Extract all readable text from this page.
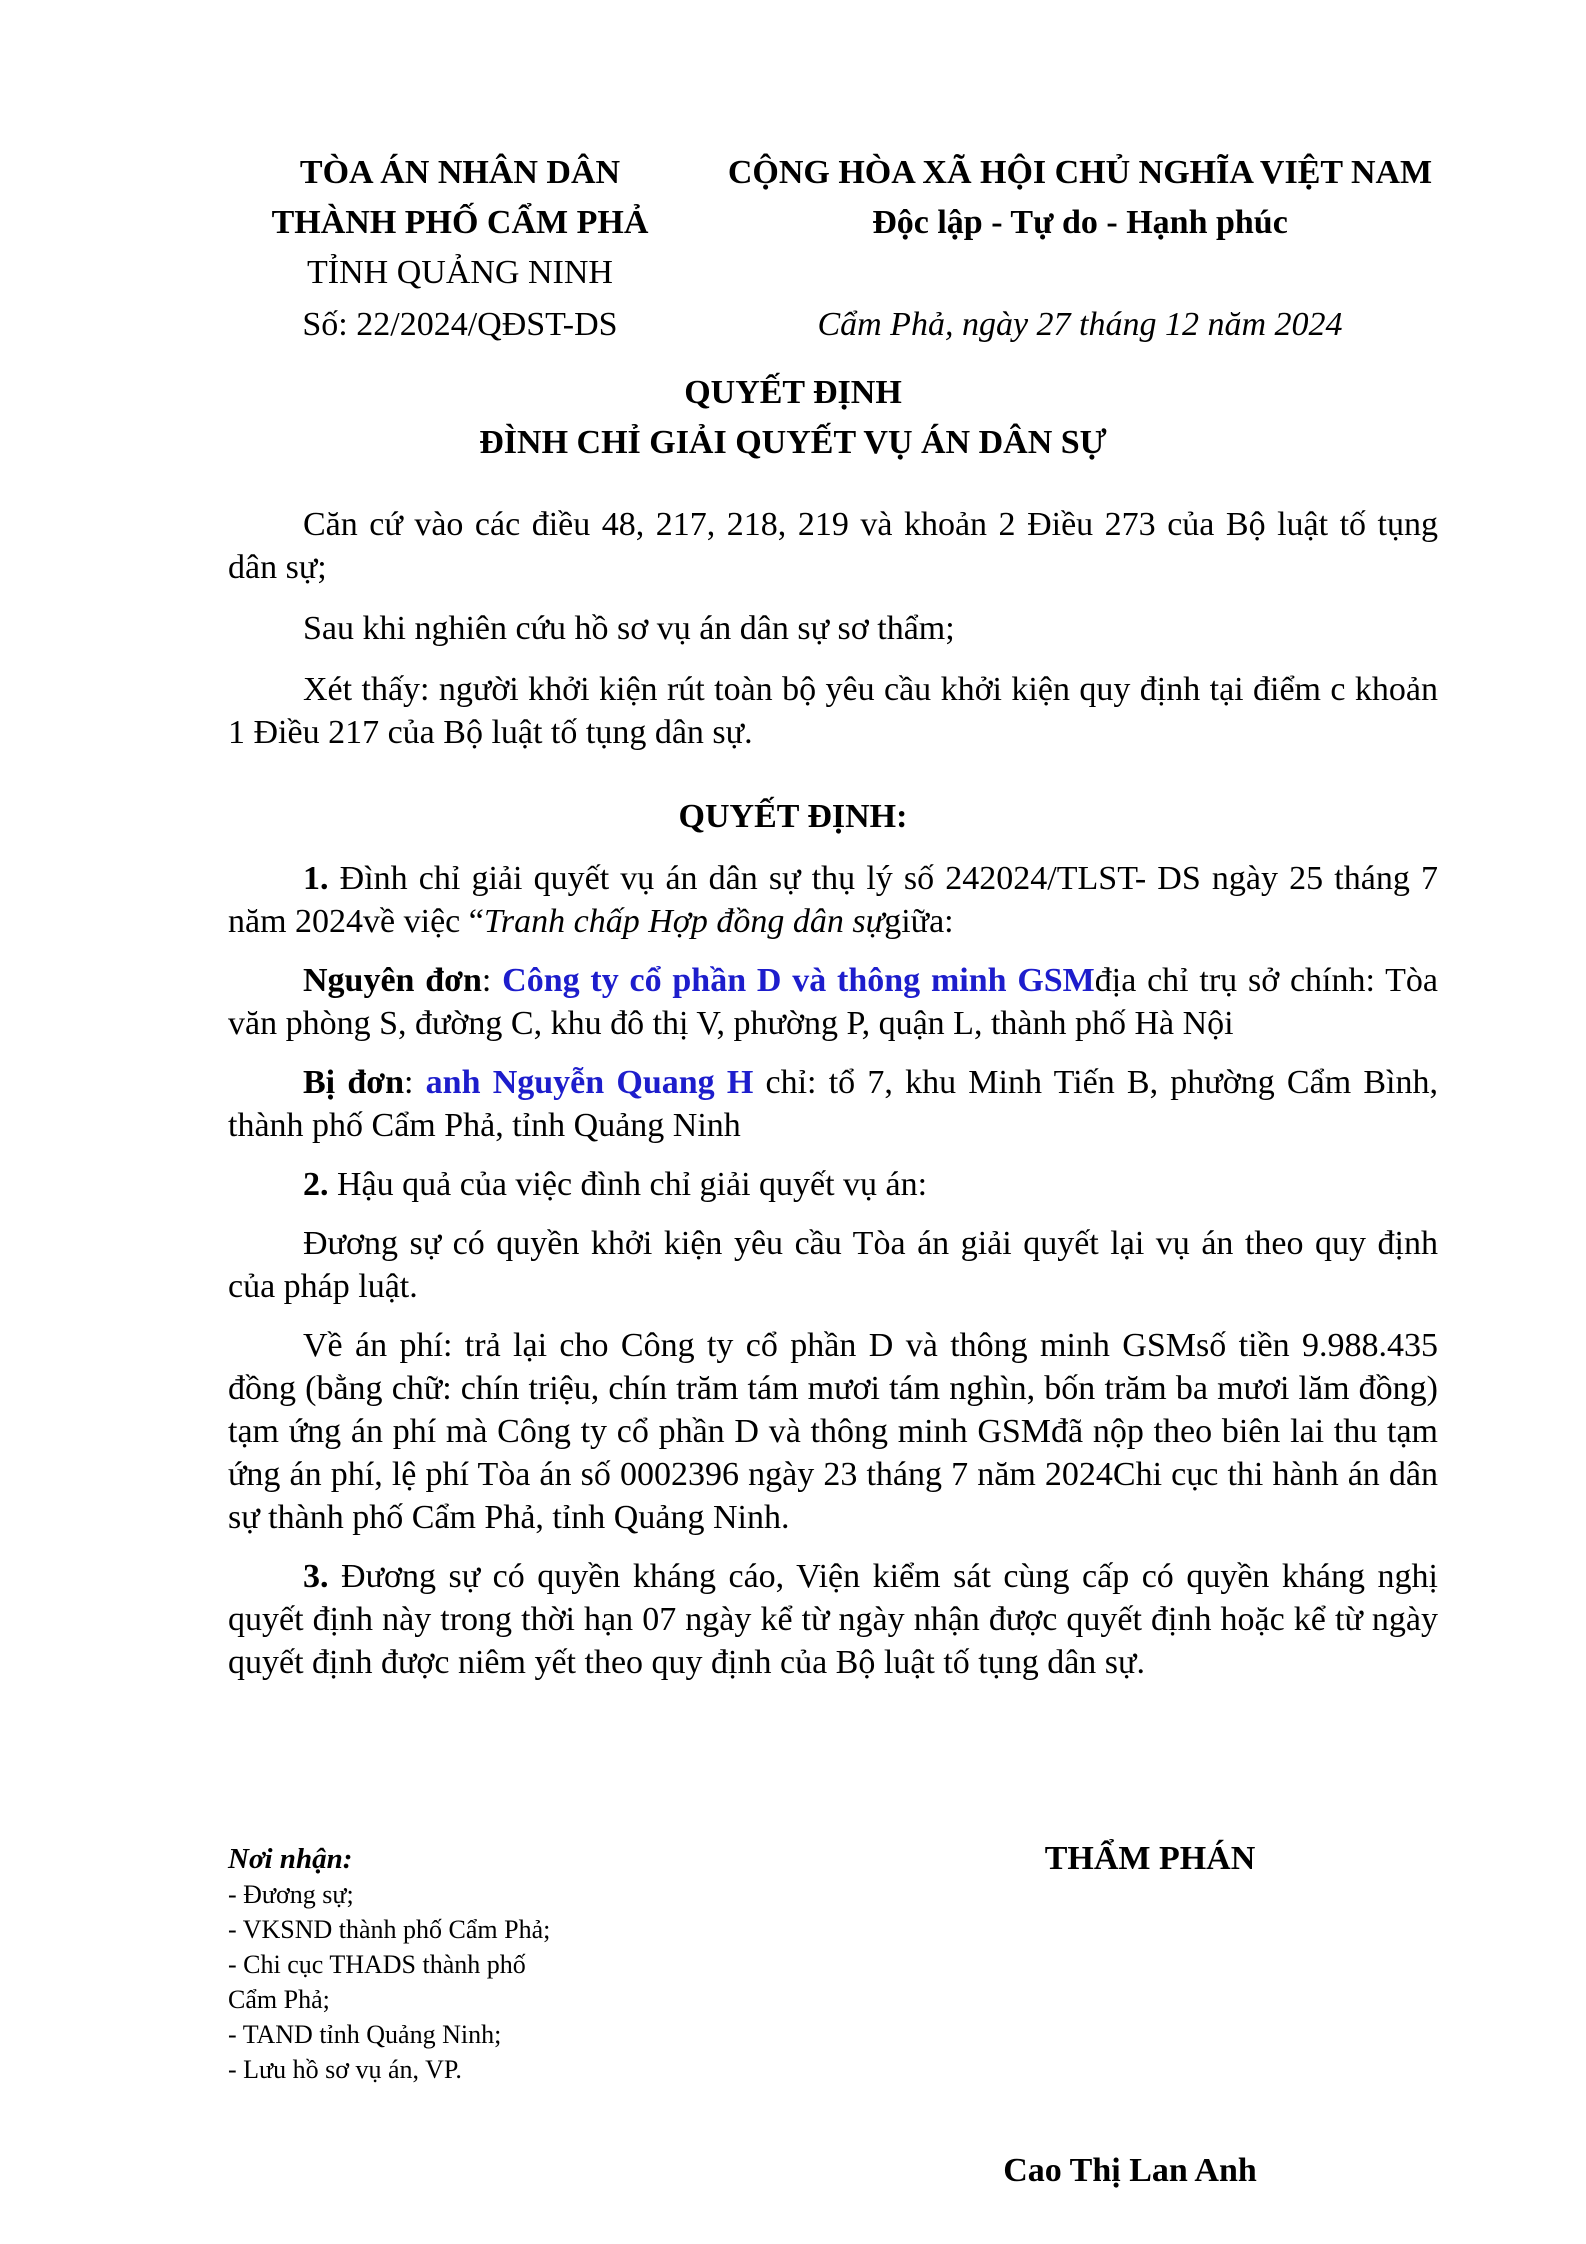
TÒA ÁN NHÂN DÂN
THÀNH PHỐ CẨM PHẢ
TỈNH QUẢNG NINH
CỘNG HÒA XÃ HỘI CHỦ NGHĨA VIỆT NAM
Độc lập - Tự do - Hạnh phúc
Số: 22/2024/QĐST-DS	Cẩm Phả, ngày 27 tháng 12 năm 2024
QUYẾT ĐỊNH
ĐÌNH CHỈ GIẢI QUYẾT VỤ ÁN DÂN SỰ

Căn cứ vào các điều 48, 217, 218, 219 và khoản 2 Điều 273 của Bộ luật tố tụng dân sự;

Sau khi nghiên cứu hồ sơ vụ án dân sự sơ thẩm;

Xét thấy: người khởi kiện rút toàn bộ yêu cầu khởi kiện quy định tại điểm c khoản 1 Điều 217 của Bộ luật tố tụng dân sự.

QUYẾT ĐỊNH:

1. Đình chỉ giải quyết vụ án dân sự thụ lý số 242024/TLST- DS ngày 25 tháng 7 năm 2024về việc “Tranh chấp Hợp đồng dân sựgiữa:

Nguyên đơn: Công ty cổ phần D và thông minh GSMđịa chỉ trụ sở chính: Tòa văn phòng S, đường C, khu đô thị V, phường P, quận L, thành phố Hà Nội

Bị đơn: anh Nguyễn Quang H chỉ: tổ 7, khu Minh Tiến B, phường Cẩm Bình, thành phố Cẩm Phả, tỉnh Quảng Ninh

2. Hậu quả của việc đình chỉ giải quyết vụ án:

Đương sự có quyền khởi kiện yêu cầu Tòa án giải quyết lại vụ án theo quy định của pháp luật.

Về án phí: trả lại cho Công ty cổ phần D và thông minh GSMsố tiền 9.988.435 đồng (bằng chữ: chín triệu, chín trăm tám mươi tám nghìn, bốn trăm ba mươi lăm đồng) tạm ứng án phí mà Công ty cổ phần D và thông minh GSMđã nộp theo biên lai thu tạm ứng án phí, lệ phí Tòa án số 0002396 ngày 23 tháng 7 năm 2024Chi cục thi hành án dân sự thành phố Cẩm Phả, tỉnh Quảng Ninh.

3. Đương sự có quyền kháng cáo, Viện kiểm sát cùng cấp có quyền kháng nghị quyết định này trong thời hạn 07 ngày kể từ ngày nhận được quyết định hoặc kể từ ngày quyết định được niêm yết theo quy định của Bộ luật tố tụng dân sự.

Nơi nhận:
- Đương sự;
- VKSND thành phố Cẩm Phả;
- Chi cục THADS thành phố
Cẩm Phả;
- TAND tỉnh Quảng Ninh;
- Lưu hồ sơ vụ án, VP.
THẨM PHÁN
Cao Thị Lan Anh
